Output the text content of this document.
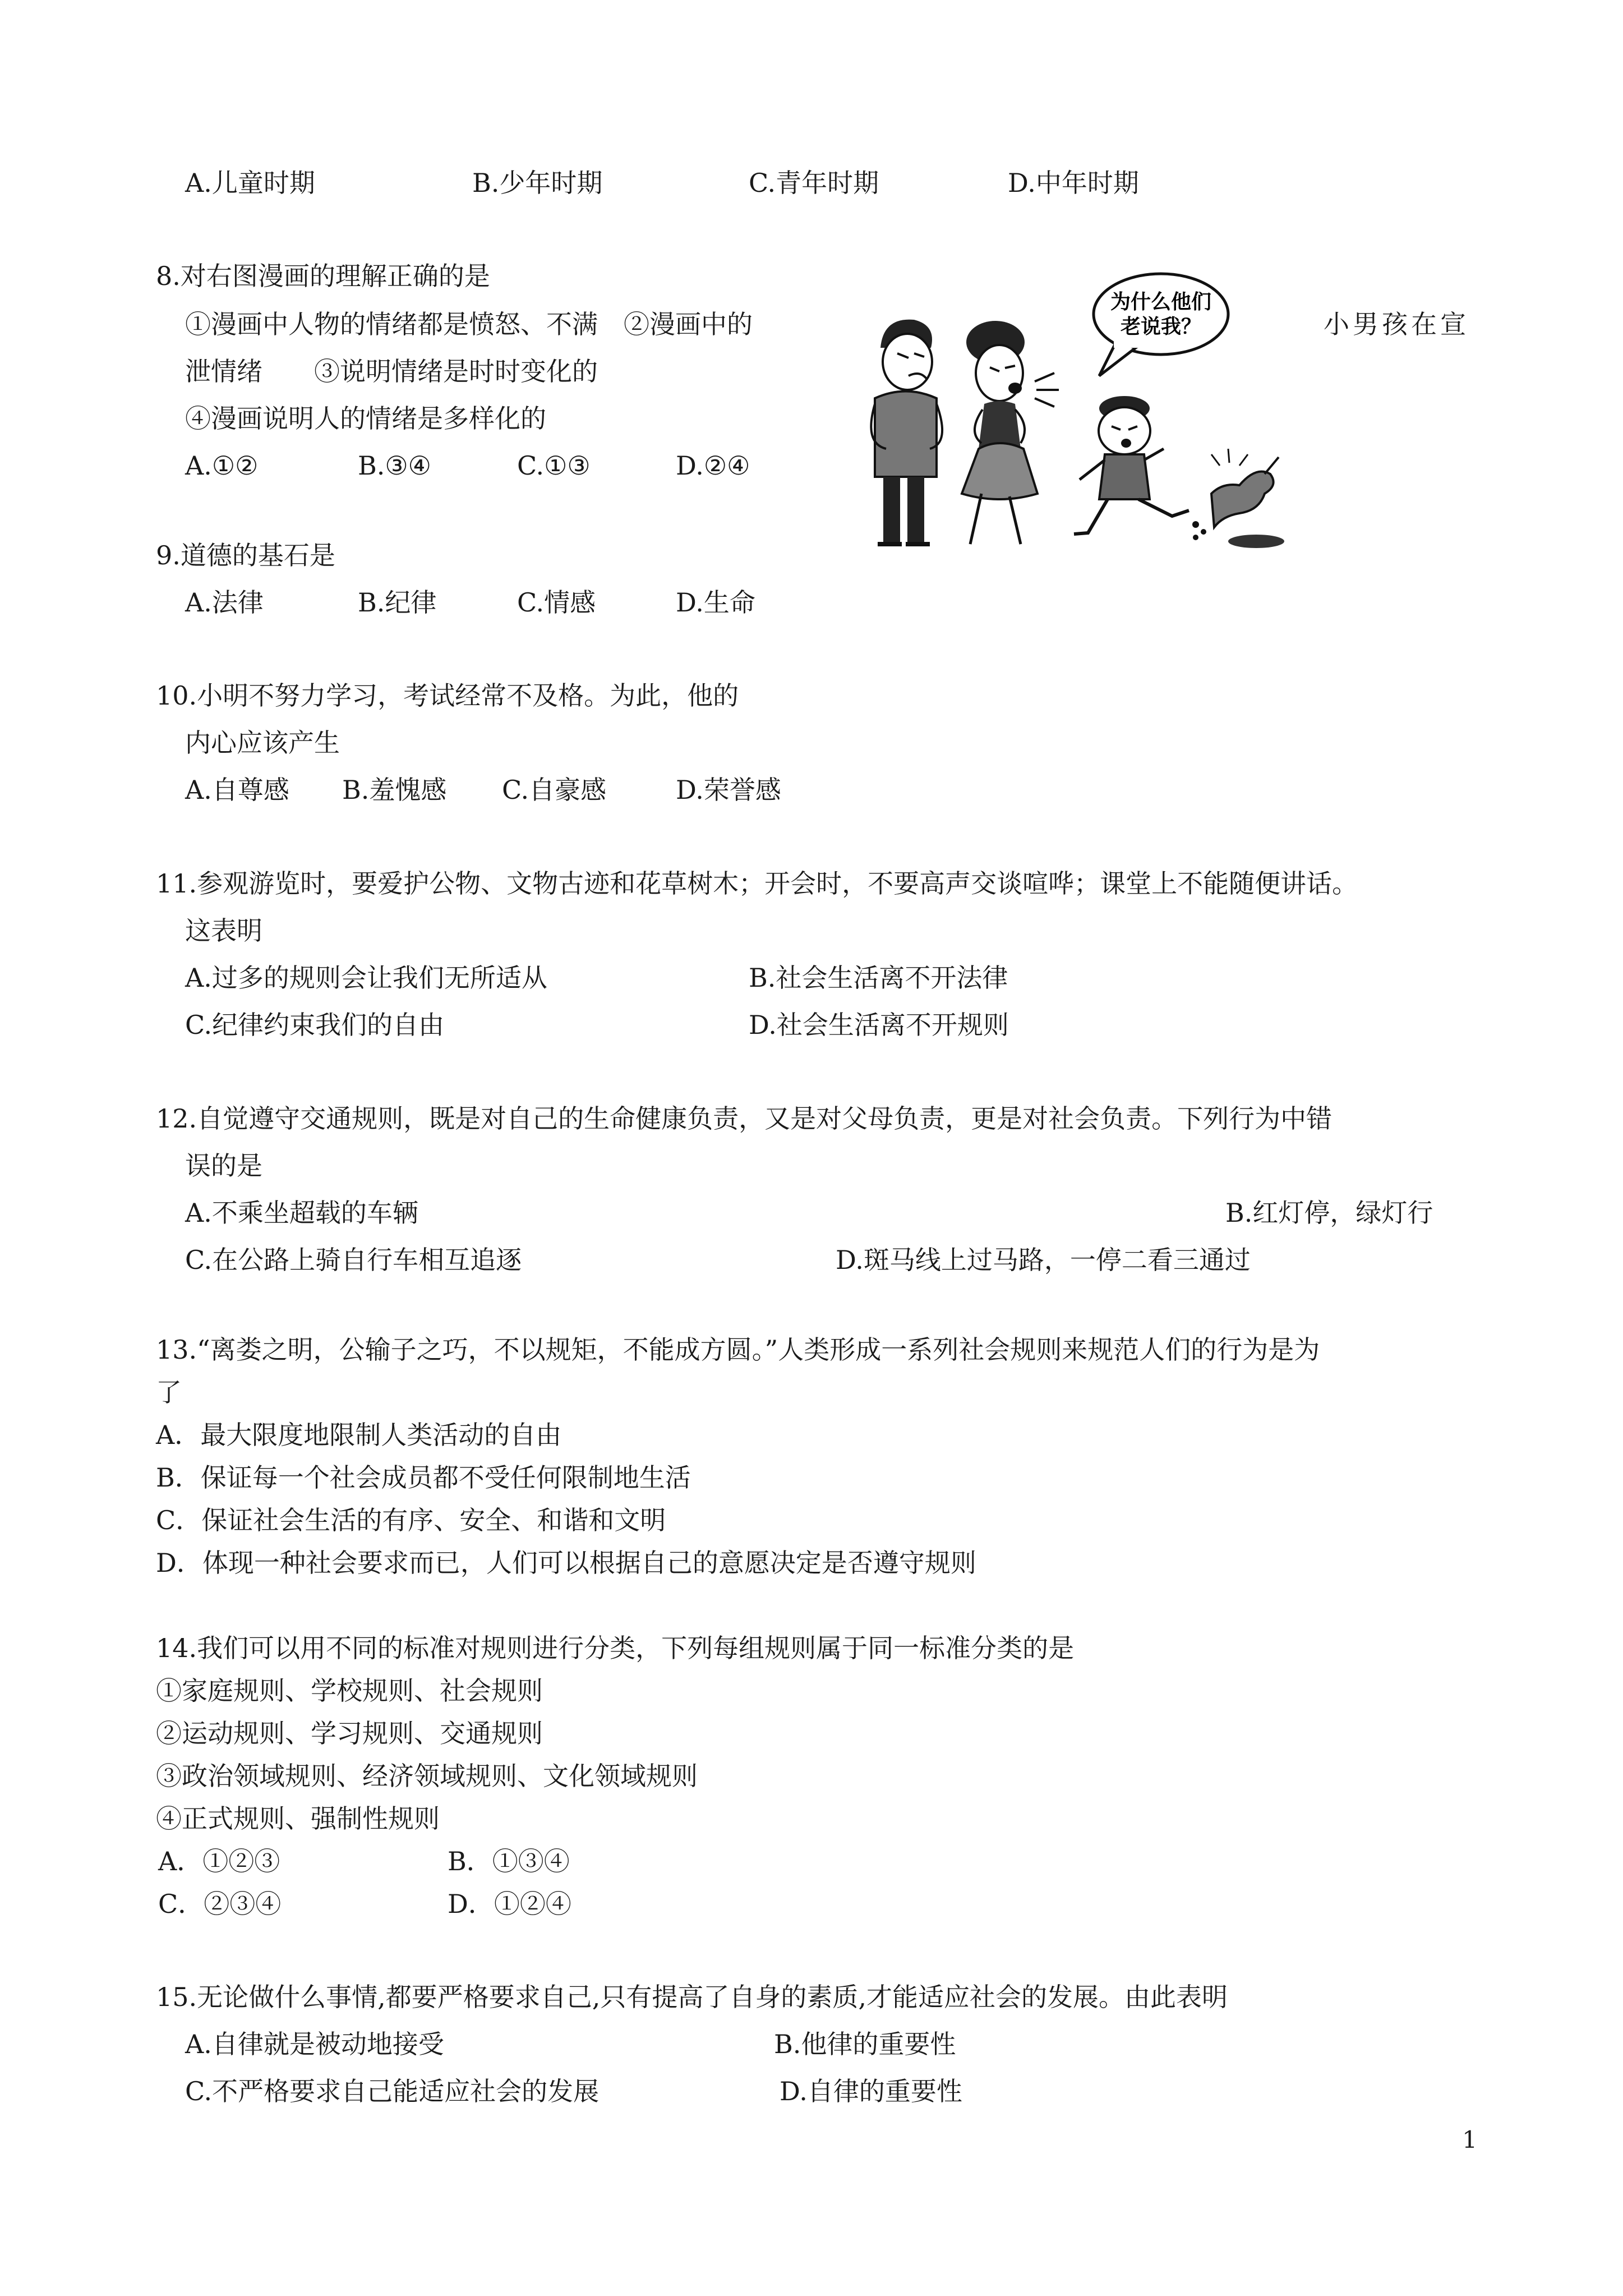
A.儿童时期	B.少年时期	C.青年时期	D.中年时期
8.对右图漫画的理解正确的是
①漫画中人物的情绪都是愤怒、不满　②漫画中的	小男孩在宣
泄情绪　　③说明情绪是时时变化的
④漫画说明人的情绪是多样化的
A.①②	B.③④	C.①③	D.②④
为什么他们
老说我？
9.道德的基石是
A.法律	B.纪律	C.情感	D.生命
10.小明不努力学习，考试经常不及格。为此，他的
内心应该产生
A.自尊感 B.羞愧感 C.自豪感	D.荣誉感
11.参观游览时，要爱护公物、文物古迹和花草树木；开会时，不要高声交谈喧哗；课堂上不能随便讲话。
这表明
A.过多的规则会让我们无所适从	B.社会生活离不开法律
C.纪律约束我们的自由	D.社会生活离不开规则
12.自觉遵守交通规则，既是对自己的生命健康负责，又是对父母负责，更是对社会负责。下列行为中错
误的是
A.不乘坐超载的车辆	B.红灯停，绿灯行
C.在公路上骑自行车相互追逐	D.斑马线上过马路，一停二看三通过
13.“离娄之明，公输子之巧，不以规矩，不能成方圆。”人类形成一系列社会规则来规范人们的行为是为
了
A．最大限度地限制人类活动的自由
B．保证每一个社会成员都不受任何限制地生活
C．保证社会生活的有序、安全、和谐和文明
D．体现一种社会要求而已，人们可以根据自己的意愿决定是否遵守规则
14.我们可以用不同的标准对规则进行分类，下列每组规则属于同一标准分类的是
①家庭规则、学校规则、社会规则
②运动规则、学习规则、交通规则
③政治领域规则、经济领域规则、文化领域规则
④正式规则、强制性规则
A．①②③	B．①③④
C．②③④	D．①②④
15.无论做什么事情,都要严格要求自己,只有提高了自身的素质,才能适应社会的发展。由此表明
A.自律就是被动地接受	B.他律的重要性
C.不严格要求自己能适应社会的发展	D.自律的重要性
1
